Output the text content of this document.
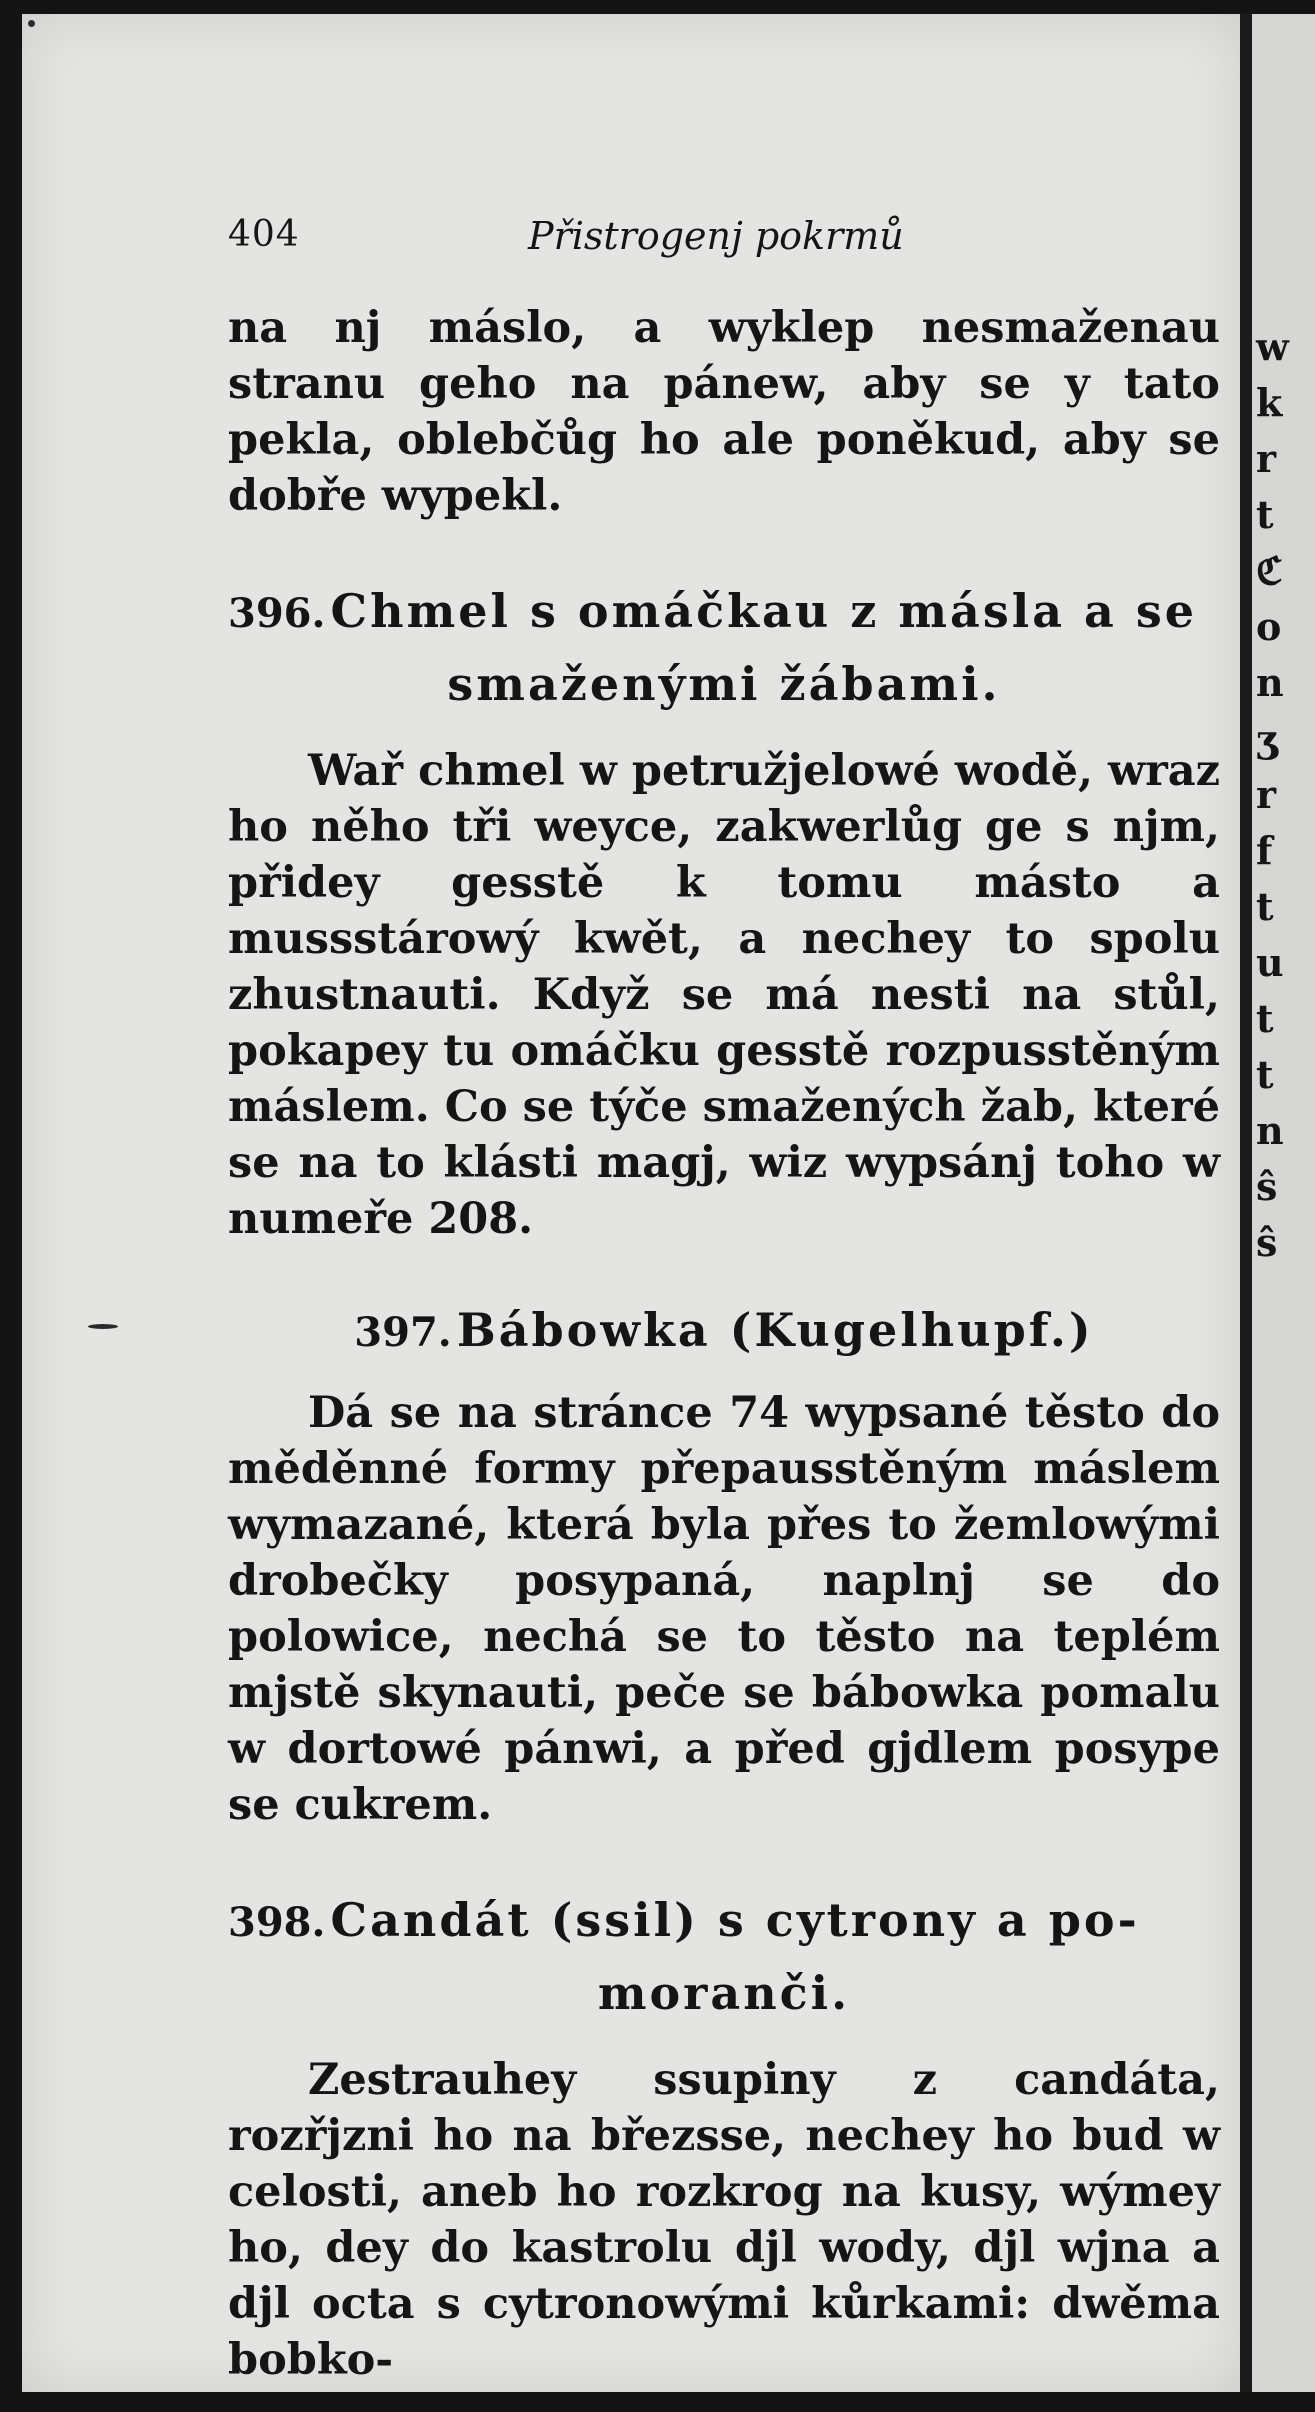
404	Přistrogenj pokrmů

na nj máslo, a wyklep nesmaženau stranu geho na pánew, aby se y tato pekla, oblebčůg ho ale poněkud, aby se dobře wypekl.

396. Chmel s omáčkau z másla a se
smaženými žábami.

Wař chmel w petružjelowé wodě, wraz ho něho tři weyce, zakwerlůg ge s njm, přidey gesstě k tomu másto a mussstárowý kwět, a nechey to spolu zhustnauti. Když se má nesti na stůl, pokapey tu omáčku gesstě rozpusstěným máslem. Co se týče smažených žab, které se na to klásti magj, wiz wypsánj toho w numeře 208.

397. Bábowka (Kugelhupf.)

Dá se na stránce 74 wypsané těsto do měděnné formy přepausstěným máslem wymazané, která byla přes to žemlowými drobečky posypaná, naplnj se do polowice, nechá se to těsto na teplém mjstě skynauti, peče se bábowka pomalu w dortowé pánwi, a před gjdlem posype se cukrem.

398. Candát (ssil) s cytrony a po-
moranči.

Zestrauhey ssupiny z candáta, rozřjzni ho na březsse, nechey ho bud w celosti, aneb ho rozkrog na kusy, wýmey ho, dey do kastrolu djl wody, djl wjna a djl octa s cytronowými kůrkami: dwěma bobko-

w
k
r
t
ℭ
o
n
ʒ
r
f
t
u
t
t
n
ŝ
ŝ
